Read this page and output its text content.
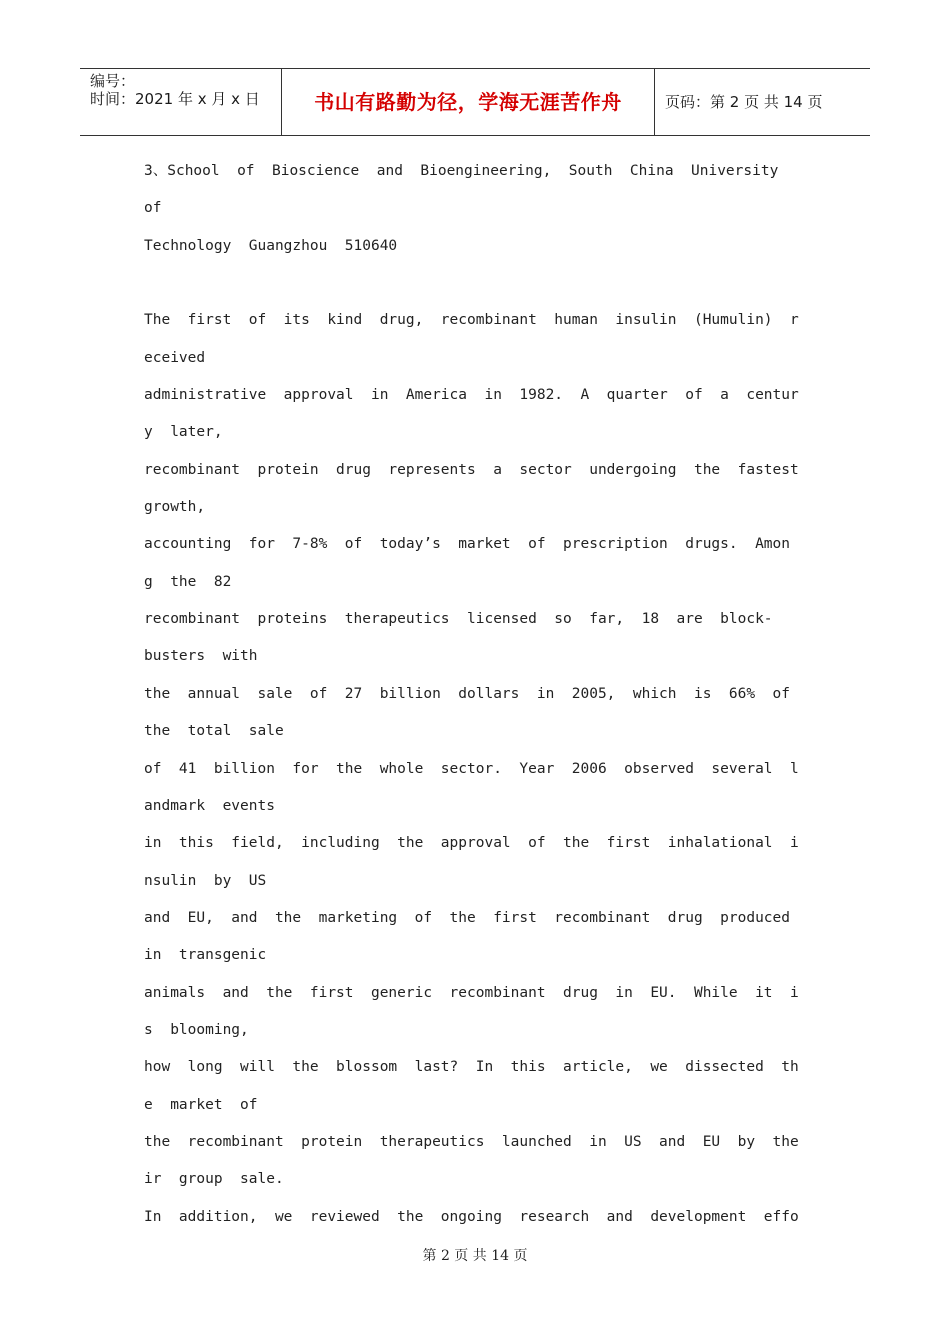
编号：
时间：2021 年 x 月 x 日	书山有路勤为径，学海无涯苦作舟	页码：第 2 页 共 14 页
3、School  of  Bioscience  and  Bioengineering,  South  China  University
of
Technology  Guangzhou  510640
The  first  of  its  kind  drug,  recombinant  human  insulin  (Humulin)  r
eceived
administrative  approval  in  America  in  1982.  A  quarter  of  a  centur
y  later,
recombinant  protein  drug  represents  a  sector  undergoing  the  fastest
growth,
accounting  for  7-8%  of  today’s  market  of  prescription  drugs.  Amon
g  the  82
recombinant  proteins  therapeutics  licensed  so  far,  18  are  block-
busters  with
the  annual  sale  of  27  billion  dollars  in  2005,  which  is  66%  of
the  total  sale
of  41  billion  for  the  whole  sector.  Year  2006  observed  several  l
andmark  events
in  this  field,  including  the  approval  of  the  first  inhalational  i
nsulin  by  US
and  EU,  and  the  marketing  of  the  first  recombinant  drug  produced
in  transgenic
animals  and  the  first  generic  recombinant  drug  in  EU.  While  it  i
s  blooming,
how  long  will  the  blossom  last?  In  this  article,  we  dissected  th
e  market  of
the  recombinant  protein  therapeutics  launched  in  US  and  EU  by  the
ir  group  sale.
In  addition,  we  reviewed  the  ongoing  research  and  development  effo
第 2 页 共 14 页
